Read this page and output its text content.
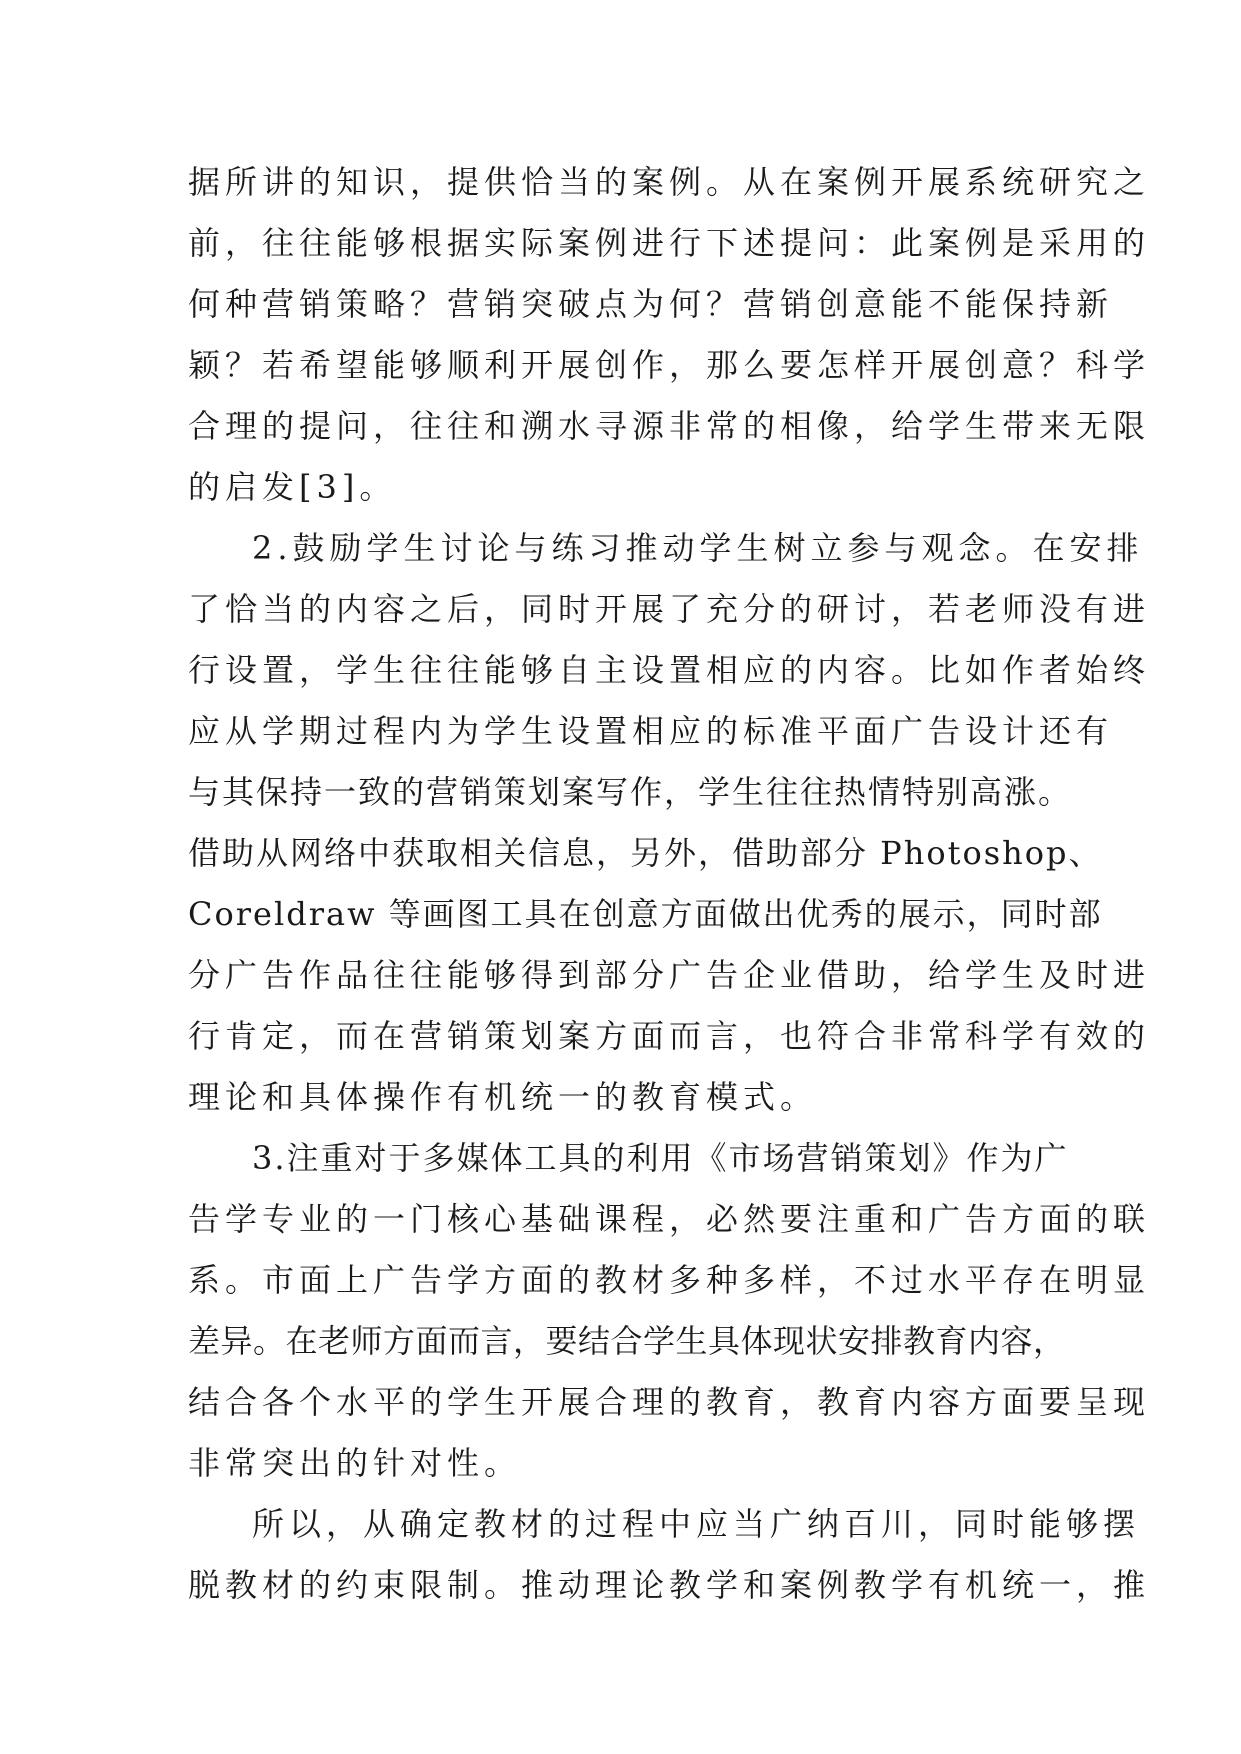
据所讲的知识，提供恰当的案例。从在案例开展系统研究之
前，往往能够根据实际案例进行下述提问：此案例是采用的
何种营销策略？营销突破点为何？营销创意能不能保持新
颖？若希望能够顺利开展创作，那么要怎样开展创意？科学
合理的提问，往往和溯水寻源非常的相像，给学生带来无限
的启发[3]。
2.鼓励学生讨论与练习推动学生树立参与观念。在安排
了恰当的内容之后，同时开展了充分的研讨，若老师没有进
行设置，学生往往能够自主设置相应的内容。比如作者始终
应从学期过程内为学生设置相应的标准平面广告设计还有
与其保持一致的营销策划案写作，学生往往热情特别高涨。
借助从网络中获取相关信息，另外，借助部分 Photoshop、
Coreldraw 等画图工具在创意方面做出优秀的展示，同时部
分广告作品往往能够得到部分广告企业借助，给学生及时进
行肯定，而在营销策划案方面而言，也符合非常科学有效的
理论和具体操作有机统一的教育模式。
3.注重对于多媒体工具的利用《市场营销策划》作为广
告学专业的一门核心基础课程，必然要注重和广告方面的联
系。市面上广告学方面的教材多种多样，不过水平存在明显
差异。在老师方面而言，要结合学生具体现状安排教育内容，
结合各个水平的学生开展合理的教育，教育内容方面要呈现
非常突出的针对性。
所以，从确定教材的过程中应当广纳百川，同时能够摆
脱教材的约束限制。推动理论教学和案例教学有机统一，推
